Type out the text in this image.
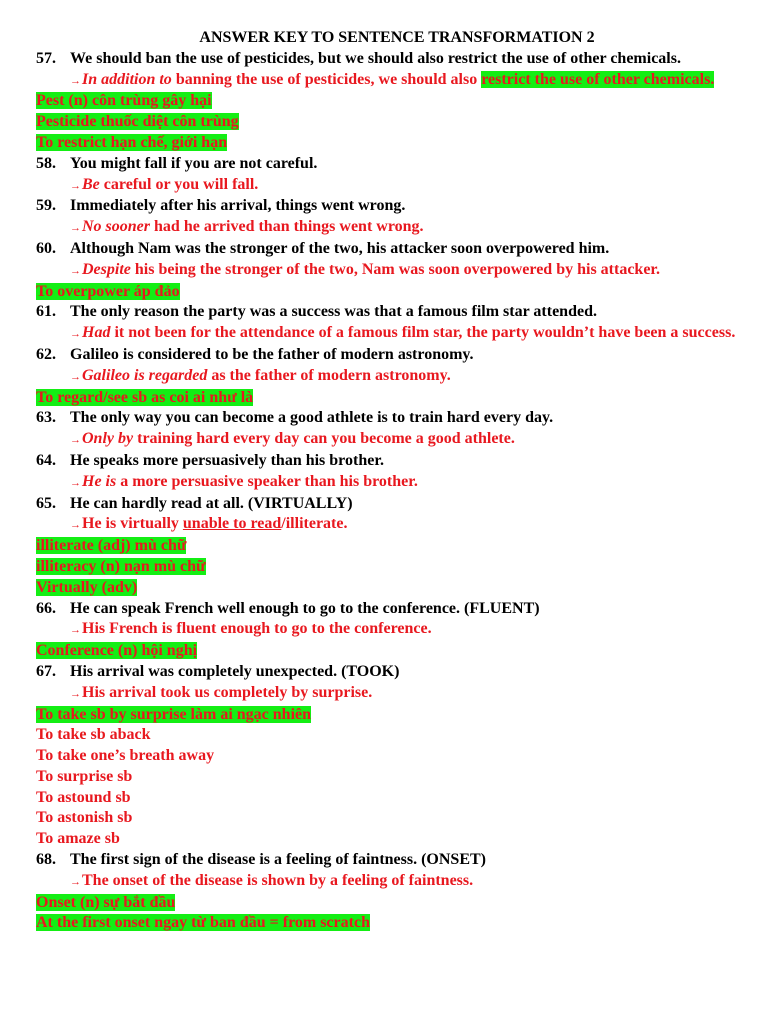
ANSWER KEY TO SENTENCE TRANSFORMATION 2
57. We should ban the use of pesticides, but we should also restrict the use of other chemicals.
→In addition to banning the use of pesticides, we should also restrict the use of other chemicals.
Pest (n) côn trùng gây hại
Pesticide thuốc diệt côn trùng
To restrict hạn chế, giới hạn
58. You might fall if you are not careful.
→Be careful or you will fall.
59. Immediately after his arrival, things went wrong.
→No sooner had he arrived than things went wrong.
60. Although Nam was the stronger of the two, his attacker soon overpowered him.
→Despite his being the stronger of the two, Nam was soon overpowered by his attacker.
To overpower áp đảo
61. The only reason the party was a success was that a famous film star attended.
→Had it not been for the attendance of a famous film star, the party wouldn’t have been a success.
62. Galileo is considered to be the father of modern astronomy.
→Galileo is regarded as the father of modern astronomy.
To regard/see sb as coi ai như là
63. The only way you can become a good athlete is to train hard every day.
→Only by training hard every day can you become a good athlete.
64. He speaks more persuasively than his brother.
→He is a more persuasive speaker than his brother.
65. He can hardly read at all. (VIRTUALLY)
→He is virtually unable to read/illiterate.
illiterate (adj) mù chữ
illiteracy (n) nạn mù chữ
Virtually (adv)
66. He can speak French well enough to go to the conference. (FLUENT)
→His French is fluent enough to go to the conference.
Conference (n) hội nghị
67. His arrival was completely unexpected. (TOOK)
→His arrival took us completely by surprise.
To take sb by surprise làm ai ngạc nhiên
To take sb aback
To take one’s breath away
To surprise sb
To astound sb
To astonish sb
To amaze sb
68. The first sign of the disease is a feeling of faintness. (ONSET)
→The onset of the disease is shown by a feeling of faintness.
Onset (n) sự bắt đầu
At the first onset ngay từ ban đầu = from scratch
